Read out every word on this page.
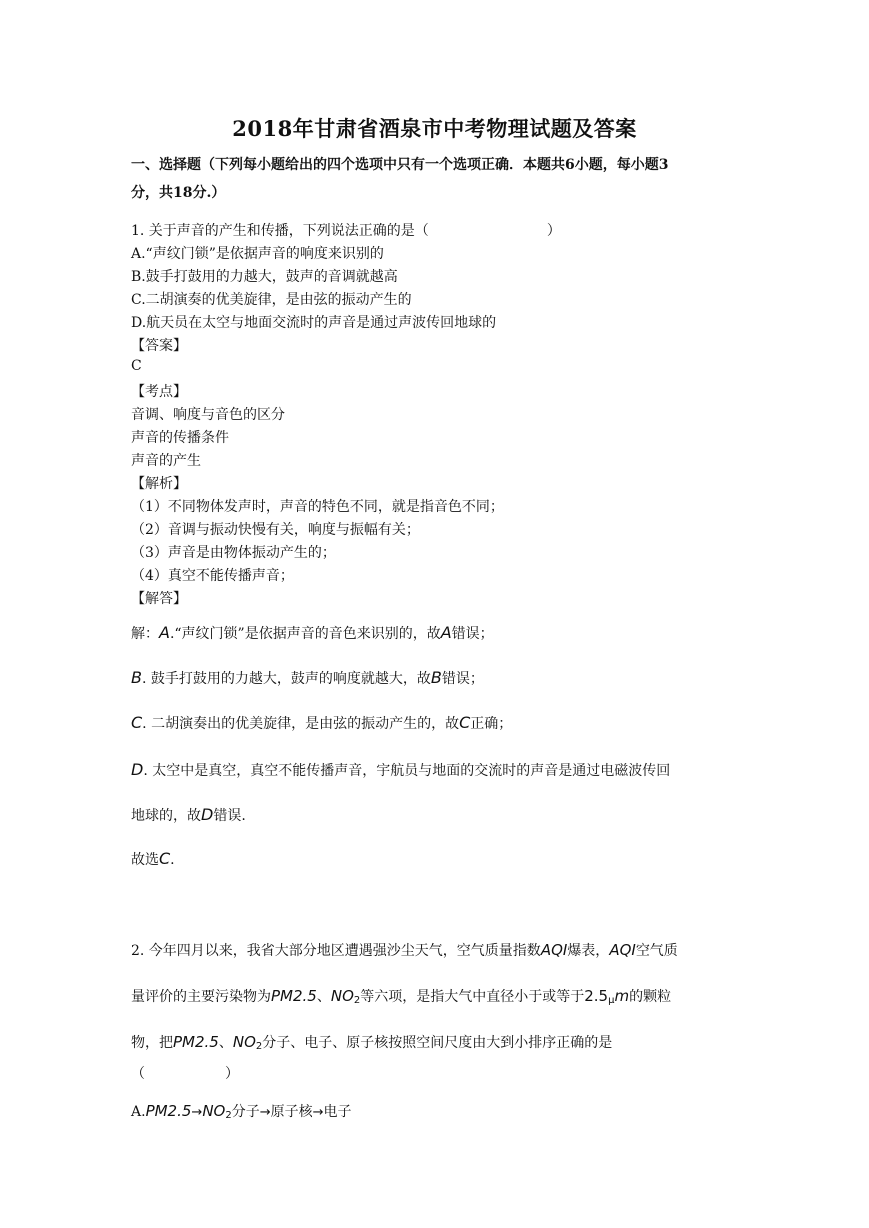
2018年甘肃省酒泉市中考物理试题及答案
一、选择题（下列每小题给出的四个选项中只有一个选项正确．本题共6小题，每小题3
分，共18分.）
1. 关于声音的产生和传播，下列说法正确的是（	）
A.“声纹门锁”是依据声音的响度来识别的
B.鼓手打鼓用的力越大，鼓声的音调就越高
C.二胡演奏的优美旋律，是由弦的振动产生的
D.航天员在太空与地面交流时的声音是通过声波传回地球的
【答案】
C
【考点】
音调、响度与音色的区分
声音的传播条件
声音的产生
【解析】
（1）不同物体发声时，声音的特色不同，就是指音色不同；
（2）音调与振动快慢有关，响度与振幅有关；
（3）声音是由物体振动产生的；
（4）真空不能传播声音；
【解答】
解：A.“声纹门锁”是依据声音的音色来识别的，故A错误；
B. 鼓手打鼓用的力越大，鼓声的响度就越大，故B错误；
C. 二胡演奏出的优美旋律，是由弦的振动产生的，故C正确；
D. 太空中是真空，真空不能传播声音，宇航员与地面的交流时的声音是通过电磁波传回
地球的，故D错误.
故选C.
2. 今年四月以来，我省大部分地区遭遇强沙尘天气，空气质量指数AQI爆表，AQI空气质
量评价的主要污染物为PM2.5、$NO_2$等六项，是指大气中直径小于或等于$2.5_\mu m$的颗粒
物，把PM2.5、$NO_2$分子、电子、原子核按照空间尺度由大到小排序正确的是
（	）
$A.PM2.5\to NO_2$分子→原子核→电子
